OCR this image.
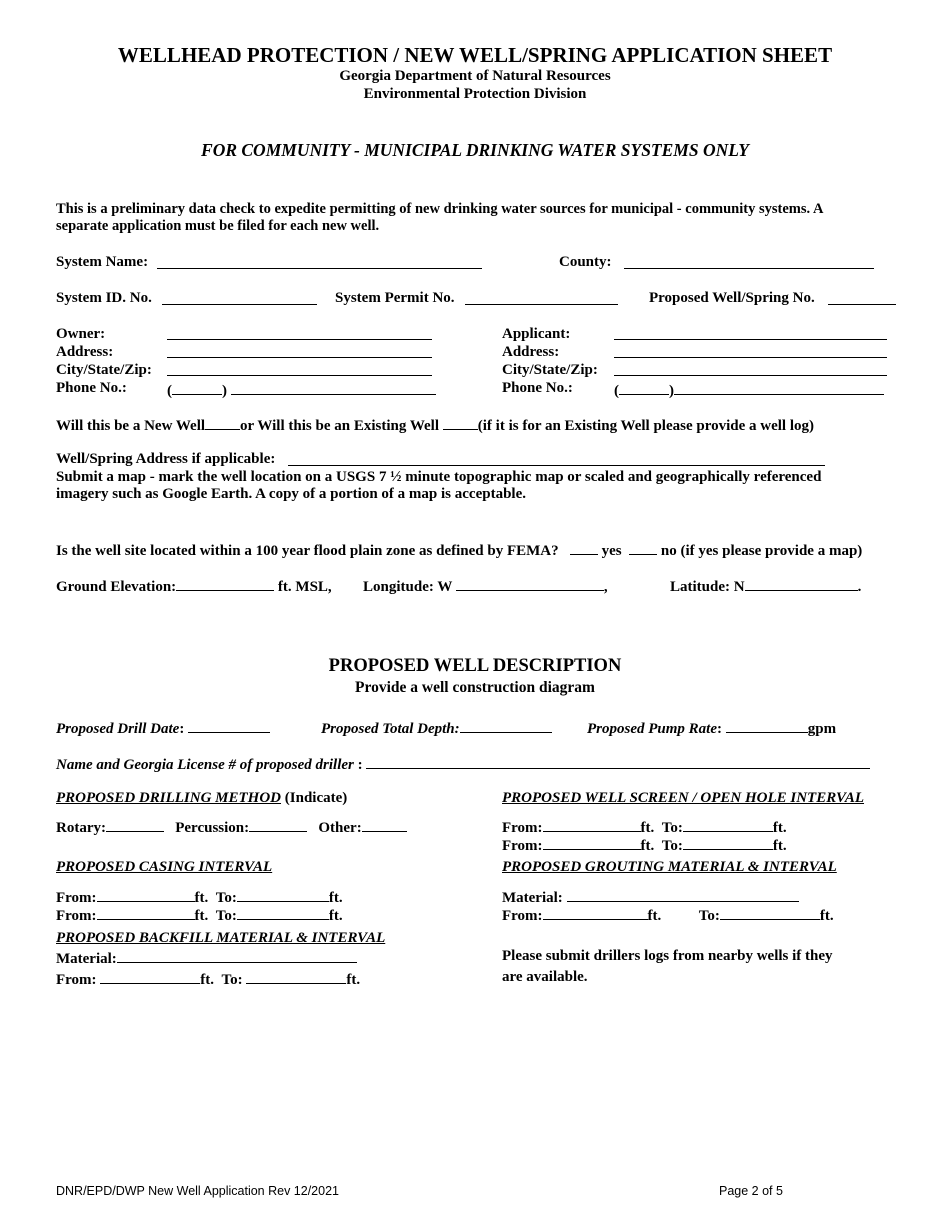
WELLHEAD PROTECTION / NEW WELL/SPRING APPLICATION SHEET
Georgia Department of Natural Resources
Environmental Protection Division
FOR COMMUNITY - MUNICIPAL DRINKING WATER SYSTEMS ONLY
This is a preliminary data check to expedite permitting of new drinking water sources for municipal - community systems. A
separate application must be filed for each new well.
System Name:	County:
System ID. No.	System Permit No.	Proposed Well/Spring No.
Owner:
Address:
City/State/Zip:
Phone No.:	(	)
Applicant:
Address:
City/State/Zip:
Phone No.:	(	)
Will this be a New Well or Will this be an Existing Well	(if it is for an Existing Well please provide a well log)
Well/Spring Address if applicable:
Submit a map - mark the well location on a USGS 7 ½ minute topographic map or scaled and geographically referenced
imagery such as Google Earth. A copy of a portion of a map is acceptable.
Is the well site located within a 100 year flood plain zone as defined by FEMA?	yes	no (if yes please provide a map)
Ground Elevation:	ft. MSL, Longitude: W	,	Latitude: N	.
PROPOSED WELL DESCRIPTION
Provide a well construction diagram
Proposed Drill Date:	Proposed Total Depth:	Proposed Pump Rate:	gpm
Name and Georgia License # of proposed driller :
PROPOSED DRILLING METHOD (Indicate)
Rotary:	Percussion:	Other:
PROPOSED WELL SCREEN / OPEN HOLE INTERVAL
From:	ft. To:	ft.
From:	ft. To:	ft.
PROPOSED CASING INTERVAL
From:	ft. To:	ft.
From:	ft. To:	ft.
PROPOSED GROUTING MATERIAL & INTERVAL
Material:
From:	ft.	To:	ft.
PROPOSED BACKFILL MATERIAL & INTERVAL
Material:
From:	ft. To:	ft.
Please submit drillers logs from nearby wells if they
are available.
DNR/EPD/DWP New Well Application Rev 12/2021	Page 2 of 5
